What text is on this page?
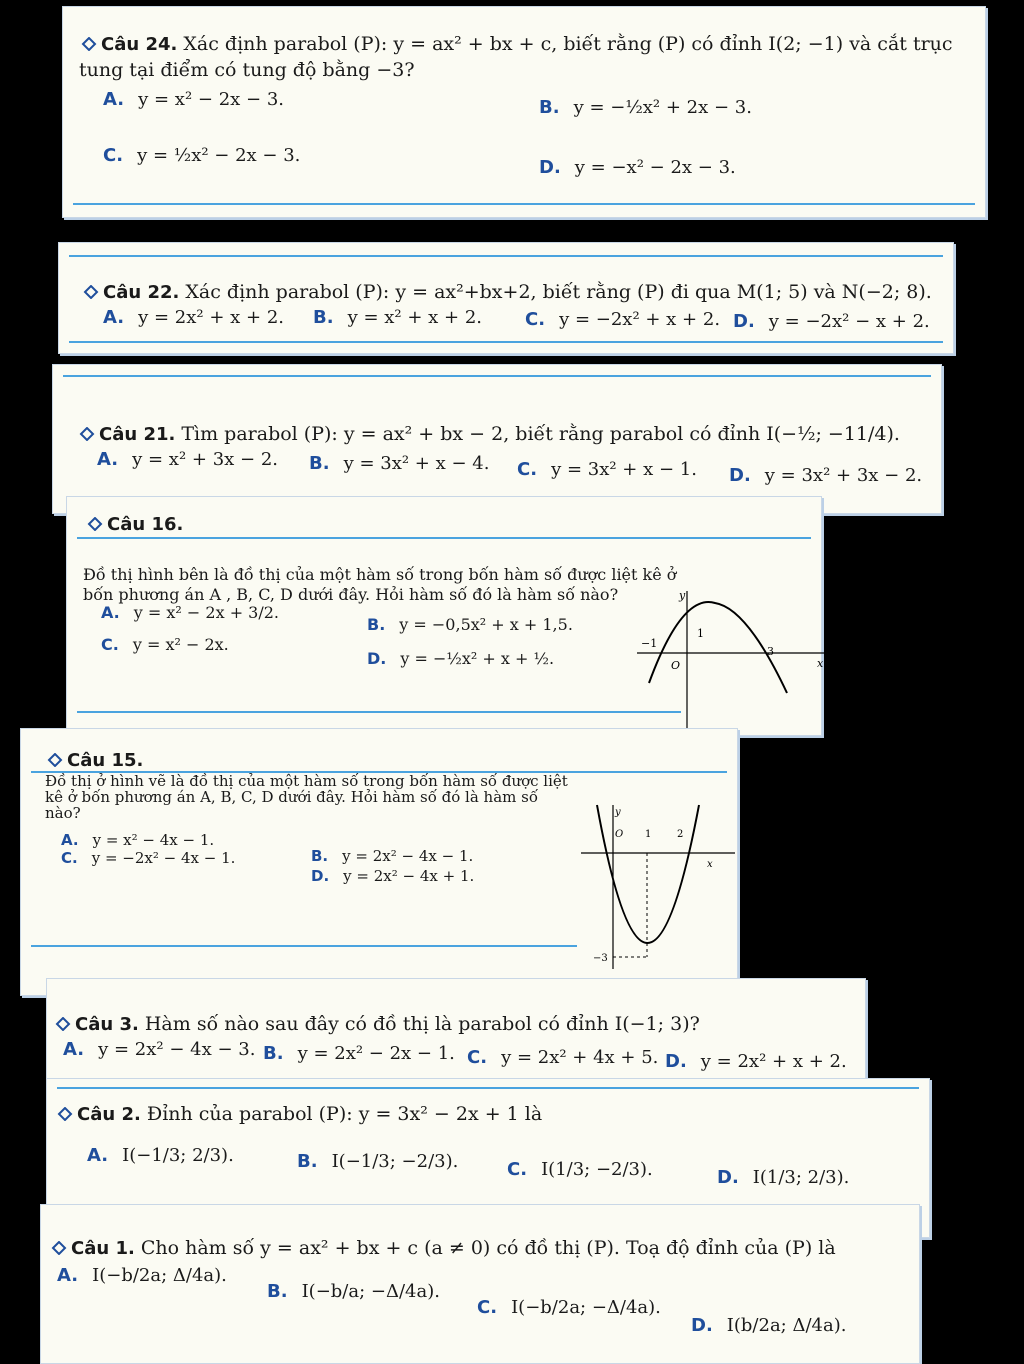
Câu 24. Xác định parabol (P): y = ax² + bx + c, biết rằng (P) có đỉnh I(2; −1) và cắt trục
tung tại điểm có tung độ bằng −3?
A. y = x² − 2x − 3.	B. y = −½x² + 2x − 3.
C. y = ½x² − 2x − 3.
D. y = −x² − 2x − 3.
Câu 22. Xác định parabol (P): y = ax²+bx+2, biết rằng (P) đi qua M(1; 5) và N(−2; 8).
A. y = 2x² + x + 2. B. y = x² + x + 2. C. y = −2x² + x + 2. D. y = −2x² − x + 2.
Câu 21. Tìm parabol (P): y = ax² + bx − 2, biết rằng parabol có đỉnh I(−½; −11/4).
A. y = x² + 3x − 2. B. y = 3x² + x − 4. C. y = 3x² + x − 1. D. y = 3x² + 3x − 2.
Câu 16.
Đồ thị hình bên là đồ thị của một hàm số trong bốn hàm số được liệt kê ở
bốn phương án A , B, C, D dưới đây. Hỏi hàm số đó là hàm số nào?
A. y = x² − 2x + 3/2.
B. y = −0,5x² + x + 1,5.
C. y = x² − 2x.
D. y = −½x² + x + ½.
y
x
O
1
−1
3
Câu 15.
Đồ thị ở hình vẽ là đồ thị của một hàm số trong bốn hàm số được liệt
kê ở bốn phương án A, B, C, D dưới đây. Hỏi hàm số đó là hàm số
nào?
A. y = x² − 4x − 1.
B. y = 2x² − 4x − 1.
C. y = −2x² − 4x − 1.
D. y = 2x² − 4x + 1.
y
x
O 1	2
−3
Câu 3. Hàm số nào sau đây có đồ thị là parabol có đỉnh I(−1; 3)?
A. y = 2x² − 4x − 3. B. y = 2x² − 2x − 1. C. y = 2x² + 4x + 5. D. y = 2x² + x + 2.
Câu 2. Đỉnh của parabol (P): y = 3x² − 2x + 1 là
A. I(−1/3; 2/3).	B. I(−1/3; −2/3).	C. I(1/3; −2/3).	D. I(1/3; 2/3).
Câu 1. Cho hàm số y = ax² + bx + c (a ≠ 0) có đồ thị (P). Toạ độ đỉnh của (P) là
A. I(−b/2a; Δ/4a).
B. I(−b/a; −Δ/4a).
C. I(−b/2a; −Δ/4a).
D. I(b/2a; Δ/4a).
